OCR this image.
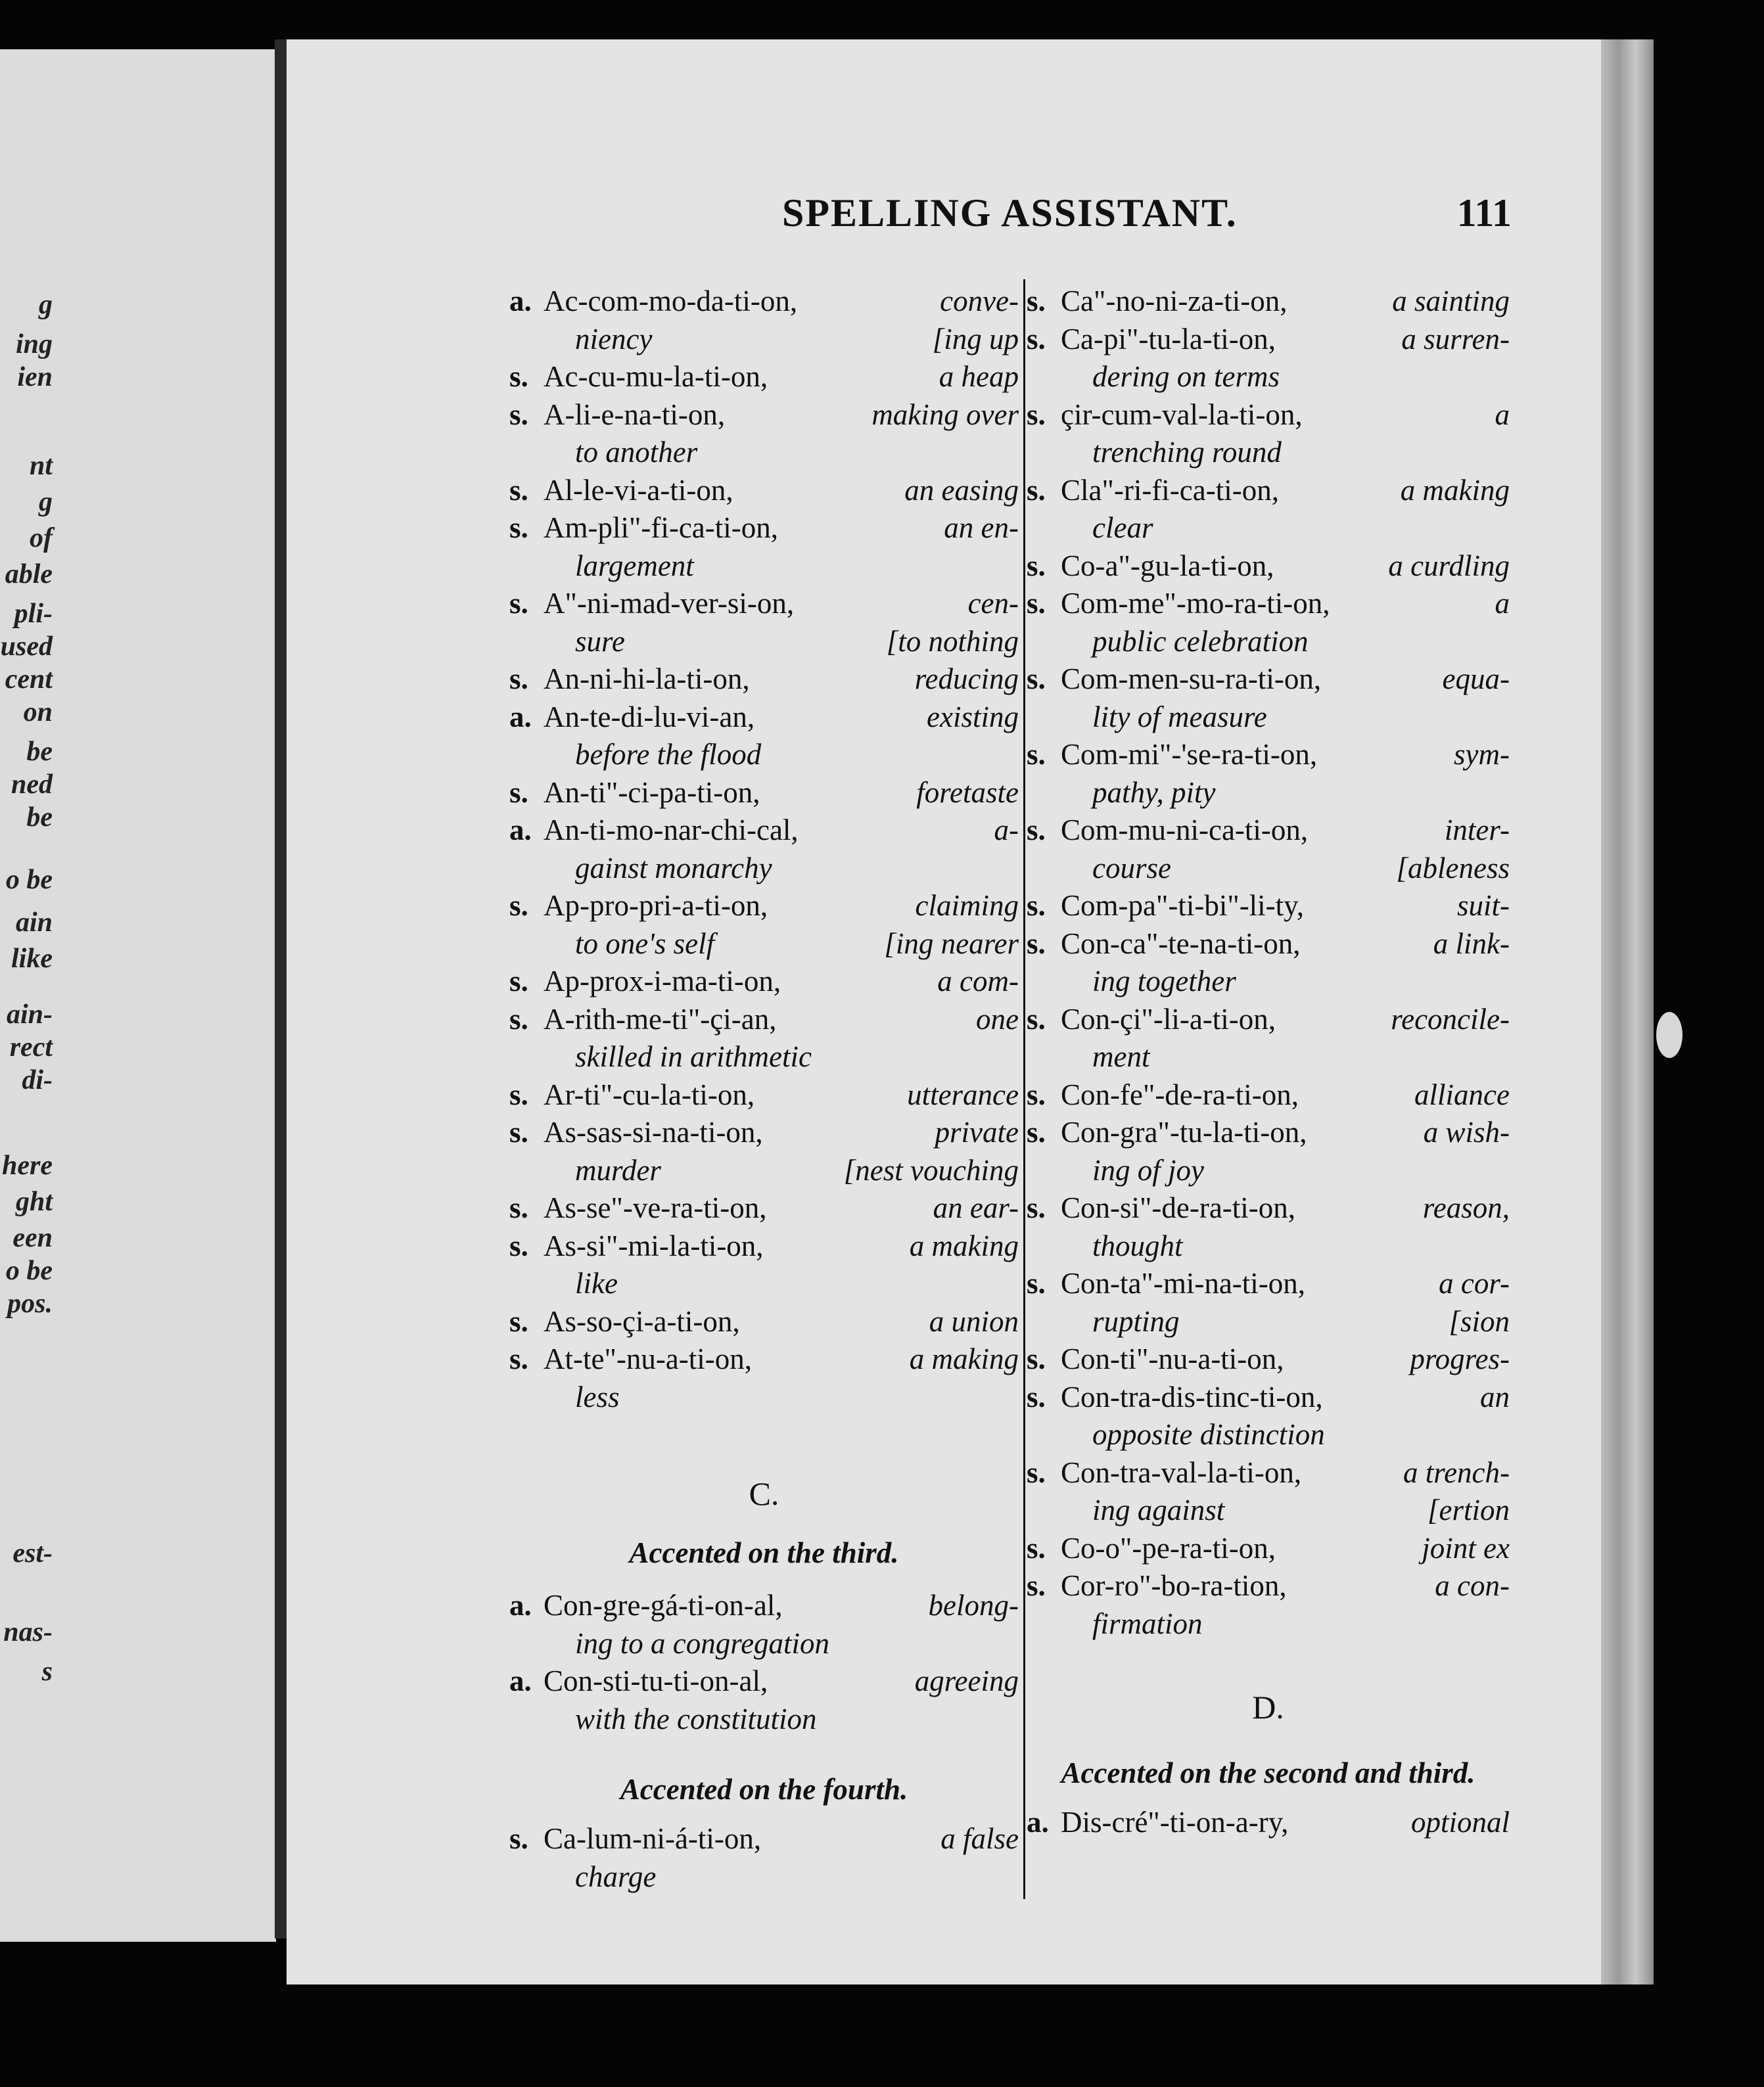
g
ing
ien
nt
g
of
able
pli-
used
cent
on
be
ned
be
o be
ain
like
ain-
rect
di-
here
ght
een
o be
pos.
est-
nas-
s
SPELLING ASSISTANT.	111
a. Ac-com-mo-da-ti-on,	conve-
niency	[ing up
s. Ac-cu-mu-la-ti-on,	a heap
s. A-li-e-na-ti-on,	making over
to another
s. Al-le-vi-a-ti-on,	an easing
s. Am-pli"-fi-ca-ti-on,	an en-
largement
s. A"-ni-mad-ver-si-on,	cen-
sure	[to nothing
s. An-ni-hi-la-ti-on,	reducing
a. An-te-di-lu-vi-an,	existing
before the flood
s. An-ti"-ci-pa-ti-on,	foretaste
a. An-ti-mo-nar-chi-cal,	a-
gainst monarchy
s. Ap-pro-pri-a-ti-on,	claiming
to one's self	[ing nearer
s. Ap-prox-i-ma-ti-on,	a com-
s. A-rith-me-ti"-çi-an,	one
skilled in arithmetic
s. Ar-ti"-cu-la-ti-on,	utterance
s. As-sas-si-na-ti-on,	private
murder	[nest vouching
s. As-se"-ve-ra-ti-on,	an ear-
s. As-si"-mi-la-ti-on,	a making
like
s. As-so-çi-a-ti-on,	a union
s. At-te"-nu-a-ti-on,	a making
less
C.
Accented on the third.
a. Con-gre-gá-ti-on-al,	belong-
ing to a congregation
a. Con-sti-tu-ti-on-al,	agreeing
with the constitution
Accented on the fourth.
s. Ca-lum-ni-á-ti-on,	a false
charge
s. Ca"-no-ni-za-ti-on,	a sainting
s. Ca-pi"-tu-la-ti-on,	a surren-
dering on terms
s. çir-cum-val-la-ti-on,	a
trenching round
s. Cla"-ri-fi-ca-ti-on,	a making
clear
s. Co-a"-gu-la-ti-on,	a curdling
s. Com-me"-mo-ra-ti-on,	a
public celebration
s. Com-men-su-ra-ti-on,	equa-
lity of measure
s. Com-mi"-'se-ra-ti-on,	sym-
pathy, pity
s. Com-mu-ni-ca-ti-on,	inter-
course	[ableness
s. Com-pa"-ti-bi"-li-ty,	suit-
s. Con-ca"-te-na-ti-on,	a link-
ing together
s. Con-çi"-li-a-ti-on,	reconcile-
ment
s. Con-fe"-de-ra-ti-on,	alliance
s. Con-gra"-tu-la-ti-on,	a wish-
ing of joy
s. Con-si"-de-ra-ti-on,	reason,
thought
s. Con-ta"-mi-na-ti-on,	a cor-
rupting	[sion
s. Con-ti"-nu-a-ti-on,	progres-
s. Con-tra-dis-tinc-ti-on,	an
opposite distinction
s. Con-tra-val-la-ti-on,	a trench-
ing against	[ertion
s. Co-o"-pe-ra-ti-on,	joint ex
s. Cor-ro"-bo-ra-tion,	a con-
firmation
D.
Accented on the second and third.
a. Dis-cré"-ti-on-a-ry,	optional
